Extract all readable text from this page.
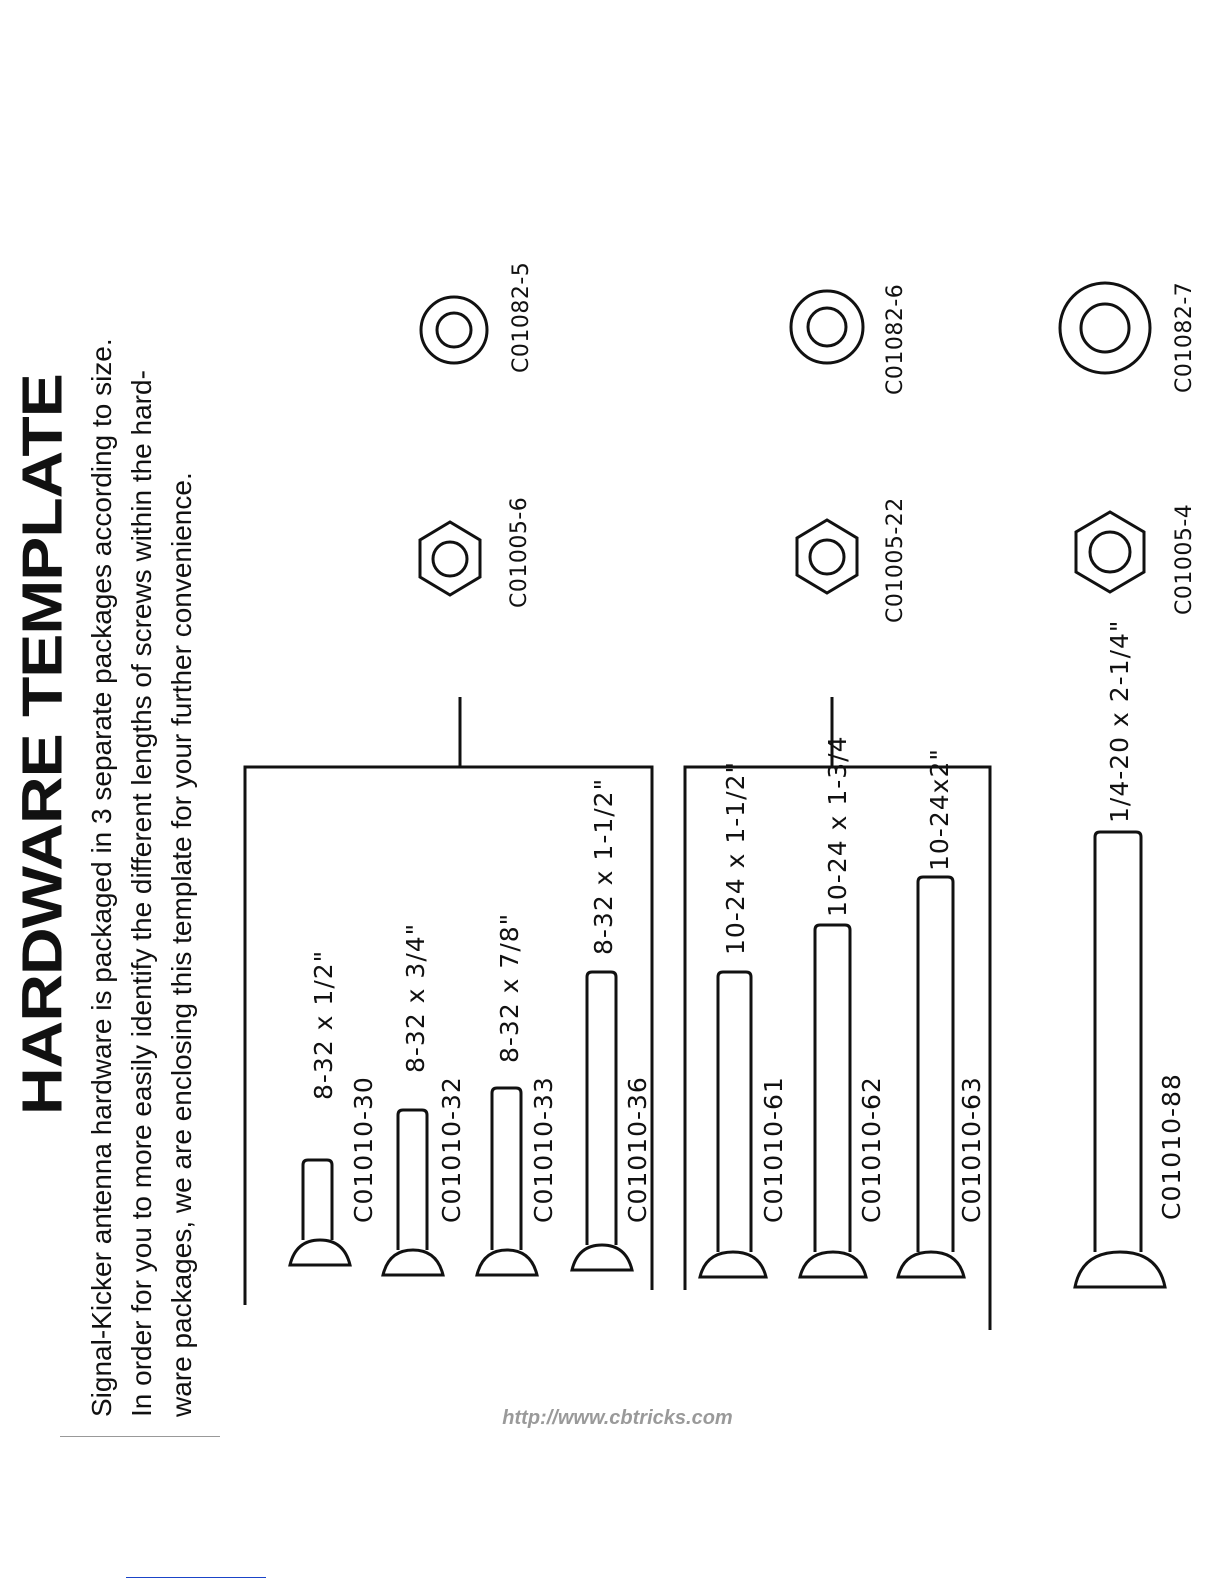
HARDWARE TEMPLATE Signal-Kicker antenna hardware is packaged in 3 separate packages according to size. In order for you to more easily identify the different lengths of screws within the hard- ware packages, we are enclosing this template for your further convenience.	C01010-30
8-32 x 1/2"
C01010-32
8-32 x 3/4"
C01010-33
8-32 x 7/8"
C01010-36
8-32 x 1-1/2"
C01010-61
10-24 x 1-1/2"
C01010-62
10-24 x 1-3/4
C01010-63
10-24x2"
C01010-88
1/4-20 x 2-1/4"
C01005-6	C01005-22	C01005-4
C01082-5	C01082-6	C01082-7
http://www.cbtricks.com
